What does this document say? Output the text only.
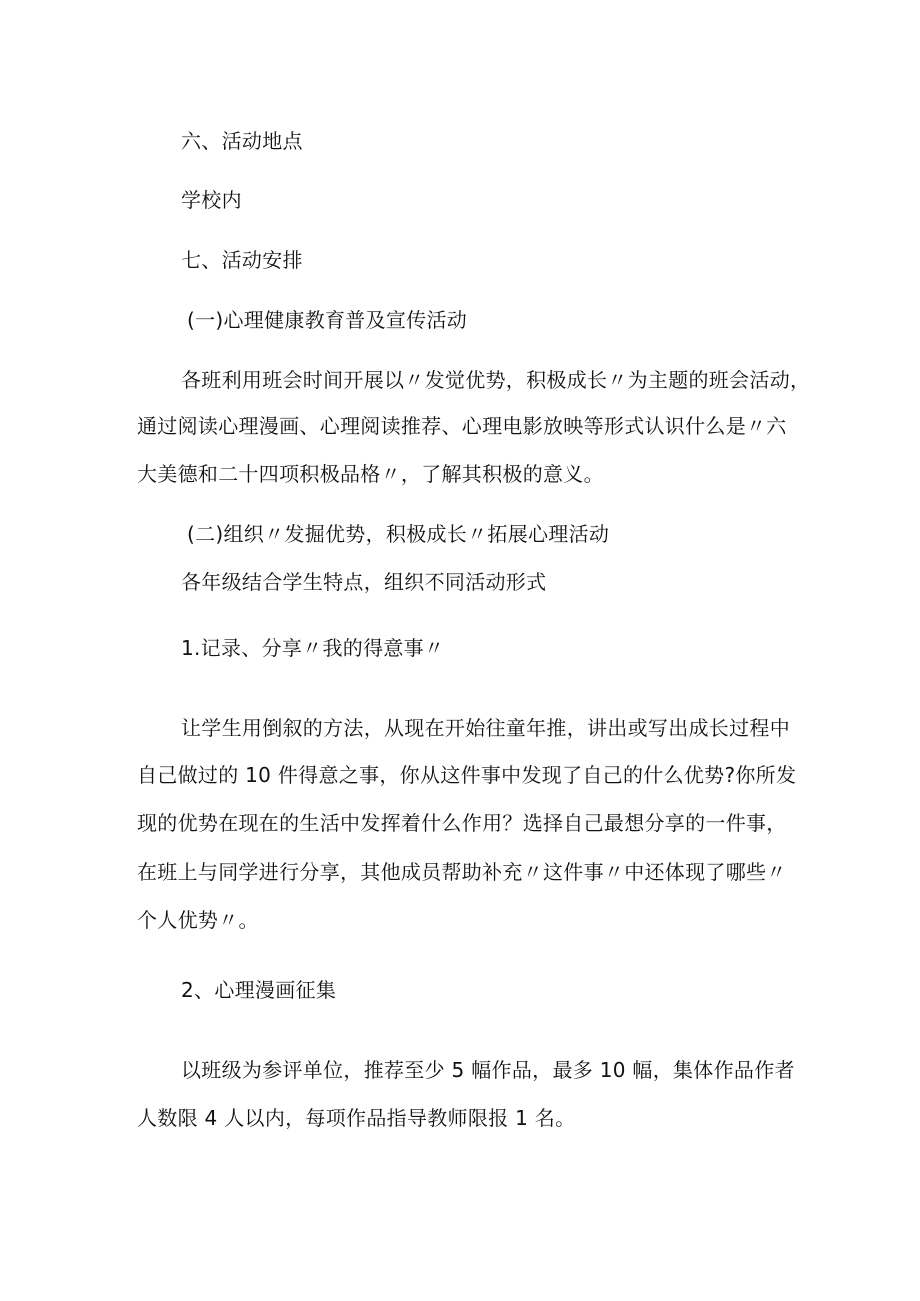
六、活动地点
学校内
七、活动安排
(一)心理健康教育普及宣传活动
各班利用班会时间开展以〃发觉优势，积极成长〃为主题的班会活动，
通过阅读心理漫画、心理阅读推荐、心理电影放映等形式认识什么是〃六
大美德和二十四项积极品格〃，了解其积极的意义。
(二)组织〃发掘优势，积极成长〃拓展心理活动
各年级结合学生特点，组织不同活动形式
1.记录、分享〃我的得意事〃
让学生用倒叙的方法，从现在开始往童年推，讲出或写出成长过程中
自己做过的 10 件得意之事，你从这件事中发现了自己的什么优势?你所发
现的优势在现在的生活中发挥着什么作用？选择自己最想分享的一件事，
在班上与同学进行分享，其他成员帮助补充〃这件事〃中还体现了哪些〃
个人优势〃。
2、心理漫画征集
以班级为参评单位，推荐至少 5 幅作品，最多 10 幅，集体作品作者
人数限 4 人以内，每项作品指导教师限报 1 名。
